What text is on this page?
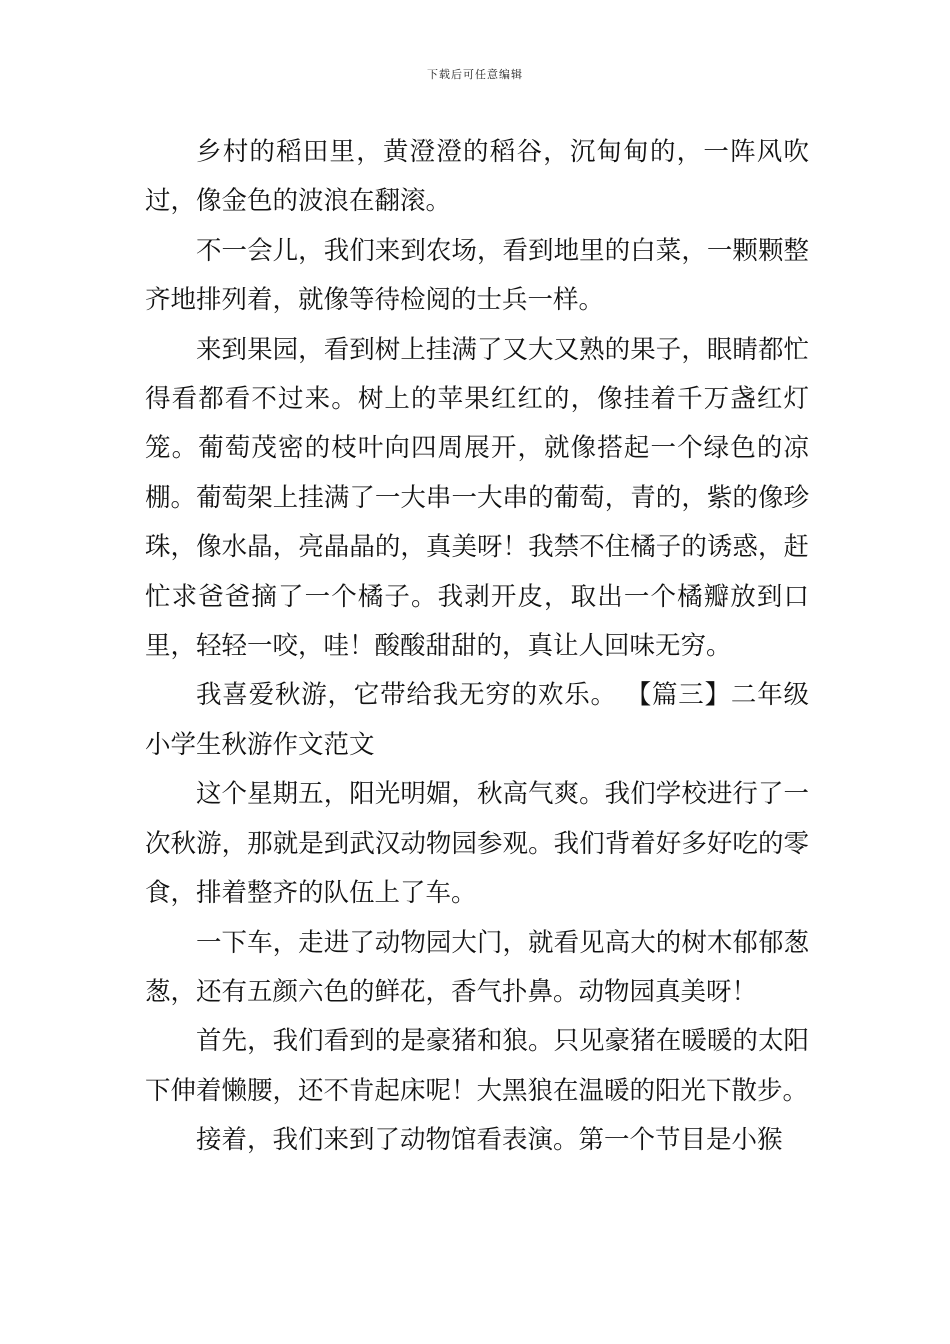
下载后可任意编辑

乡村的稻田里，黄澄澄的稻谷，沉甸甸的，一阵风吹过，像金色的波浪在翻滚。

不一会儿，我们来到农场，看到地里的白菜，一颗颗整齐地排列着，就像等待检阅的士兵一样。

来到果园，看到树上挂满了又大又熟的果子，眼睛都忙得看都看不过来。树上的苹果红红的，像挂着千万盏红灯笼。葡萄茂密的枝叶向四周展开，就像搭起一个绿色的凉棚。葡萄架上挂满了一大串一大串的葡萄，青的，紫的像珍珠，像水晶，亮晶晶的，真美呀！我禁不住橘子的诱惑，赶忙求爸爸摘了一个橘子。我剥开皮，取出一个橘瓣放到口里，轻轻一咬，哇！酸酸甜甜的，真让人回味无穷。

我喜爱秋游，它带给我无穷的欢乐。 【篇三】二年级小学生秋游作文范文

这个星期五，阳光明媚，秋高气爽。我们学校进行了一次秋游，那就是到武汉动物园参观。我们背着好多好吃的零食，排着整齐的队伍上了车。

一下车，走进了动物园大门，就看见高大的树木郁郁葱葱，还有五颜六色的鲜花，香气扑鼻。动物园真美呀！

首先，我们看到的是豪猪和狼。只见豪猪在暖暖的太阳下伸着懒腰，还不肯起床呢！大黑狼在温暖的阳光下散步。

接着，我们来到了动物馆看表演。第一个节目是小猴
